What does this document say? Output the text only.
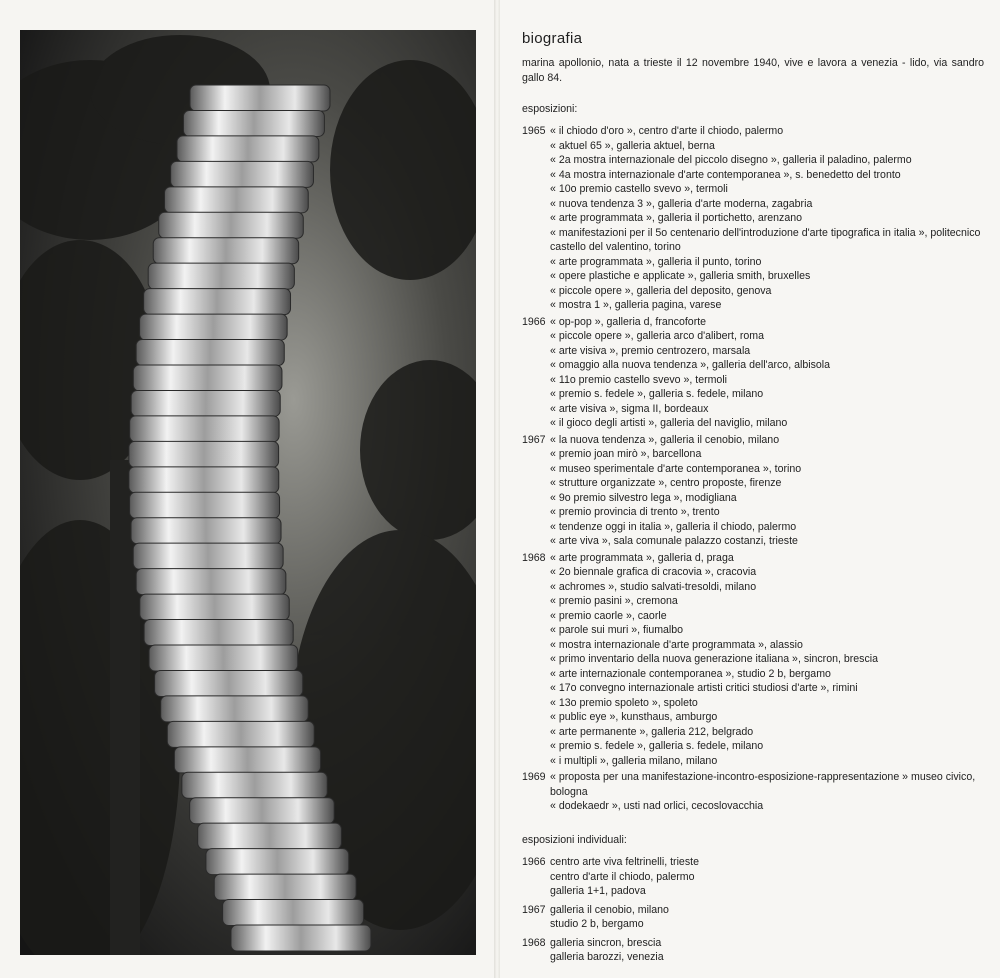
biografia
marina apollonio, nata a trieste il 12 novembre 1940, vive e lavora a venezia - lido, via sandro gallo 84.
esposizioni:
1965 « il chiodo d'oro », centro d'arte il chiodo, palermo
« aktuel 65 », galleria aktuel, berna
« 2a mostra internazionale del piccolo disegno », galleria il paladino, palermo
« 4a mostra internazionale d'arte contemporanea », s. benedetto del tronto
« 10o premio castello svevo », termoli
« nuova tendenza 3 », galleria d'arte moderna, zagabria
« arte programmata », galleria il portichetto, arenzano
« manifestazioni per il 5o centenario dell'introduzione d'arte tipografica in italia », politecnico castello del valentino, torino
« arte programmata », galleria il punto, torino
« opere plastiche e applicate », galleria smith, bruxelles
« piccole opere », galleria del deposito, genova
« mostra 1 », galleria pagina, varese
1966 « op-pop », galleria d, francoforte
« piccole opere », galleria arco d'alibert, roma
« arte visiva », premio centrozero, marsala
« omaggio alla nuova tendenza », galleria dell'arco, albisola
« 11o premio castello svevo », termoli
« premio s. fedele », galleria s. fedele, milano
« arte visiva », sigma II, bordeaux
« il gioco degli artisti », galleria del naviglio, milano
1967 « la nuova tendenza », galleria il cenobio, milano
« premio joan mirò », barcellona
« museo sperimentale d'arte contemporanea », torino
« strutture organizzate », centro proposte, firenze
« 9o premio silvestro lega », modigliana
« premio provincia di trento », trento
« tendenze oggi in italia », galleria il chiodo, palermo
« arte viva », sala comunale palazzo costanzi, trieste
1968 « arte programmata », galleria d, praga
« 2o biennale grafica di cracovia », cracovia
« achromes », studio salvati-tresoldi, milano
« premio pasini », cremona
« premio caorle », caorle
« parole sui muri », fiumalbo
« mostra internazionale d'arte programmata », alassio
« primo inventario della nuova generazione italiana », sincron, brescia
« arte internazionale contemporanea », studio 2 b, bergamo
« 17o convegno internazionale artisti critici studiosi d'arte », rimini
« 13o premio spoleto », spoleto
« public eye », kunsthaus, amburgo
« arte permanente », galleria 212, belgrado
« premio s. fedele », galleria s. fedele, milano
« i multipli », galleria milano, milano
1969 « proposta per una manifestazione-incontro-esposizione-rappresentazione » museo civico, bologna
« dodekaedr », usti nad orlici, cecoslovacchia
esposizioni individuali:
1966 centro arte viva feltrinelli, trieste
centro d'arte il chiodo, palermo
galleria 1+1, padova
1967 galleria il cenobio, milano
studio 2 b, bergamo
1968 galleria sincron, brescia
galleria barozzi, venezia
